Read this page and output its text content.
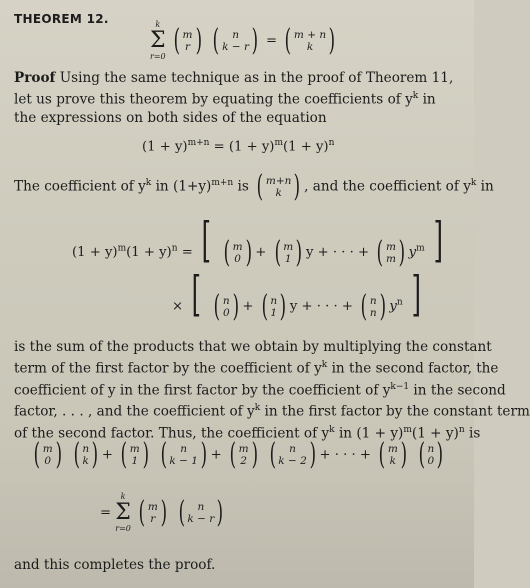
THEOREM 12.	k
Σ
r=0
( m
r )
( n
k − r ) = ( m + n
k )
Proof Using the same technique as in the proof of Theorem 11, let us prove this theorem by equating the coefficients of $y^k$ in the expressions on both sides of the equation
$(1 + y)^{m+n} = (1 + y)^m(1 + y)^n$
The coefficient of $y^k$ in $(1+y)^{m+n}$ is ( m+n
k ) , and the coefficient of $y^k$ in
$(1 + y)^m(1 + y)^n$ = [ ( m
0 ) + ( m
1 ) y + · · · + ( m
m ) $y^m$ ]
× [ ( n
0 ) + ( n
1 ) y + · · · + ( n
n ) $y^n$ ]
is the sum of the products that we obtain by multiplying the constant
term of the first factor by the coefficient of $y^k$ in the second factor, the
coefficient of y in the first factor by the coefficient of $y^{k-1}$ in the second
factor, . . . , and the coefficient of $y^k$ in the first factor by the constant term
of the second factor. Thus, the coefficient of $y^k$ in $(1 + y)^m(1 + y)^n$ is
( m
0 )
( n
k ) + ( m
1 )
( n
k − 1 ) + ( m
2 )
( n
k − 2 ) + · · · + ( m
k )
( n
0 )
=
k
Σ
r=0
( m
r )
( n
k − r )
and this completes the proof.
